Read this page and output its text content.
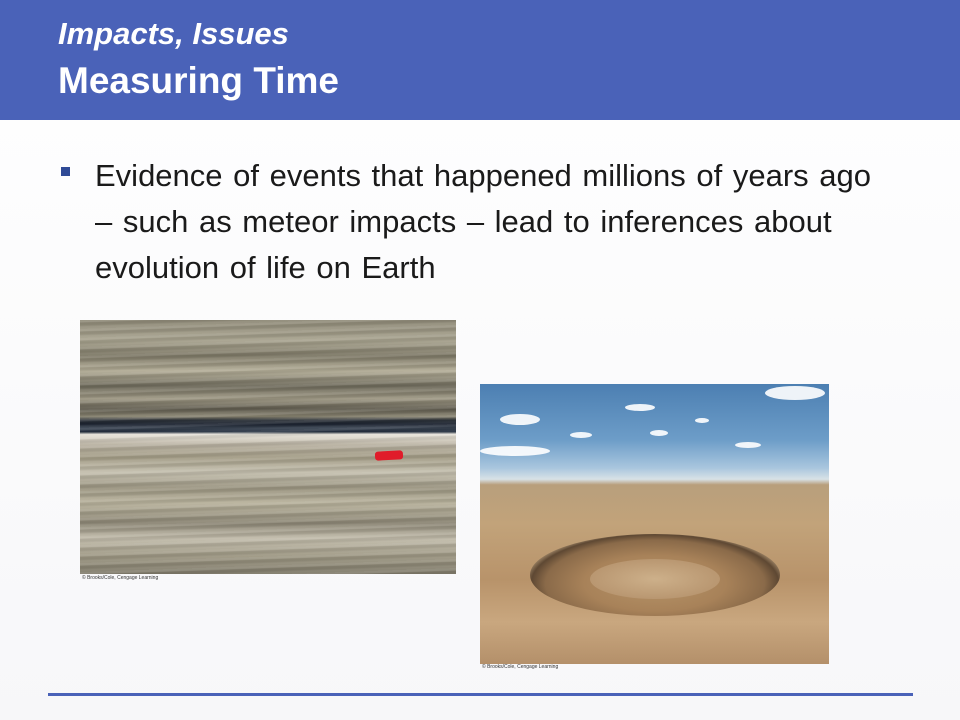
Impacts, Issues
Measuring Time
Evidence of events that happened millions of years ago – such as meteor impacts – lead to inferences about evolution of life on Earth
© Brooks/Cole, Cengage Learning
© Brooks/Cole, Cengage Learning
